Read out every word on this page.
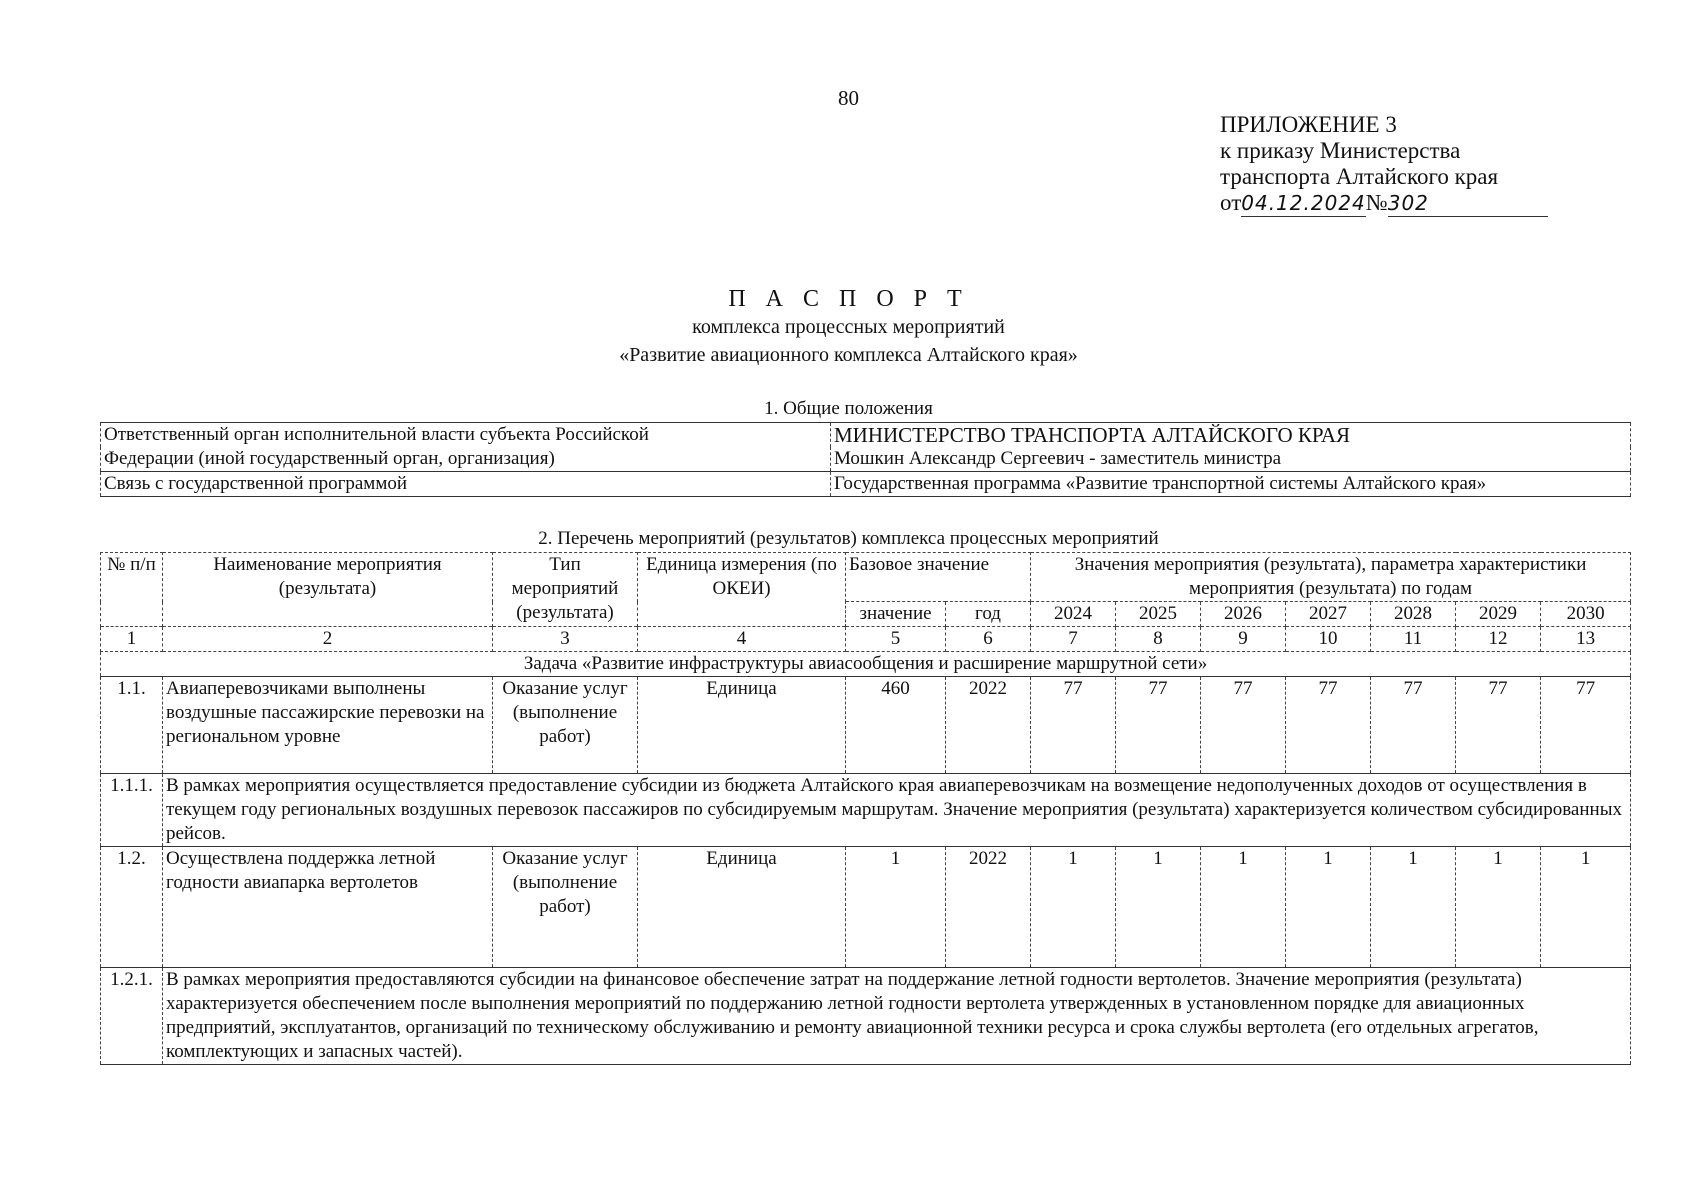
80
ПРИЛОЖЕНИЕ 3
к приказу Министерства
транспорта Алтайского края
от04.12.2024№302
П А С П О Р Т
комплекса процессных мероприятий
«Развитие авиационного комплекса Алтайского края»
1. Общие положения
Ответственный орган исполнительной власти субъекта Российской	МИНИСТЕРСТВО ТРАНСПОРТА АЛТАЙСКОГО КРАЯ
Федерации (иной государственный орган, организация)	Мошкин Александр Сергеевич - заместитель министра
Связь с государственной программой	Государственная программа «Развитие транспортной системы Алтайского края»
2. Перечень мероприятий (результатов) комплекса процессных мероприятий
№ п/п	Наименование мероприятия (результата)	Тип мероприятий (результата)	Единица измерения (по ОКЕИ)	Базовое значение		Значения мероприятия (результата), параметра характеристики мероприятия (результата) по годам						
				значение	год	2024	2025	2026	2027	2028	2029	2030
1	2	3	4	5	6	7	8	9	10	11	12	13
Задача «Развитие инфраструктуры авиасообщения и расширение маршрутной сети»												
1.1.	Авиаперевозчиками выполнены воздушные пассажирские перевозки на региональном уровне	Оказание услуг (выполнение работ)	Единица	460	2022	77	77	77	77	77	77	77
1.1.1.	В рамках мероприятия осуществляется предоставление субсидии из бюджета Алтайского края авиаперевозчикам на возмещение недополученных доходов от осуществления в текущем году региональных воздушных перевозок пассажиров по субсидируемым маршрутам. Значение мероприятия (результата) характеризуется количеством субсидированных рейсов.											
1.2.	Осуществлена поддержка летной годности авиапарка вертолетов	Оказание услуг (выполнение работ)	Единица	1	2022	1	1	1	1	1	1	1
1.2.1.	В рамках мероприятия предоставляются субсидии на финансовое обеспечение затрат на поддержание летной годности вертолетов. Значение мероприятия (результата) характеризуется обеспечением после выполнения мероприятий по поддержанию летной годности вертолета утвержденных в установленном порядке для авиационных предприятий, эксплуатантов, организаций по техническому обслуживанию и ремонту авиационной техники ресурса и срока службы вертолета (его отдельных агрегатов, комплектующих и запасных частей).											
